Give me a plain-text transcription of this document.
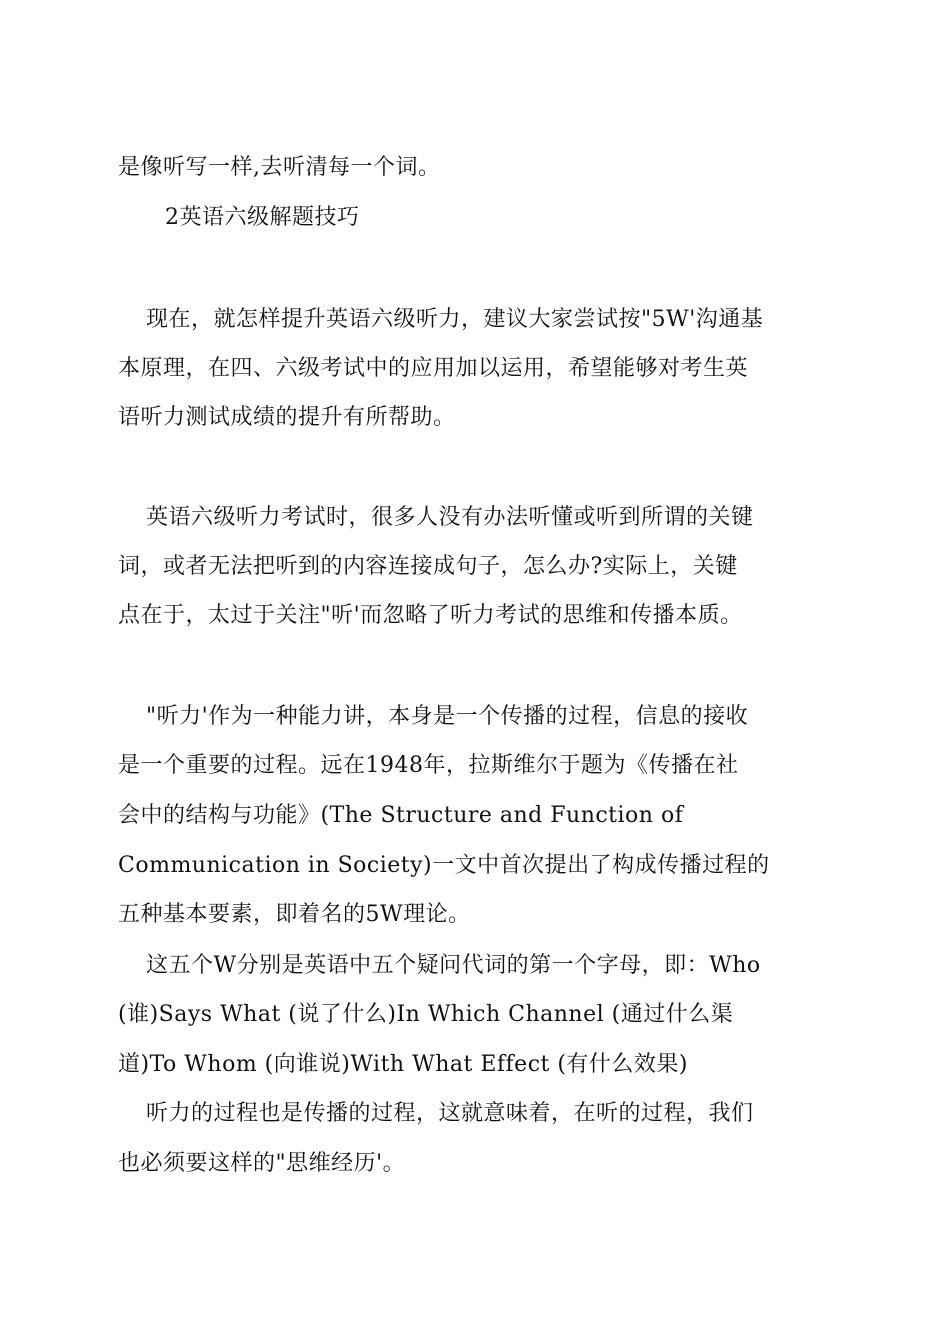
是像听写一样,去听清每一个词。
2英语六级解题技巧
现在，就怎样提升英语六级听力，建议大家尝试按"5W'沟通基
本原理，在四、六级考试中的应用加以运用，希望能够对考生英
语听力测试成绩的提升有所帮助。
英语六级听力考试时，很多人没有办法听懂或听到所谓的关键
词，或者无法把听到的内容连接成句子，怎么办?实际上，关键
点在于，太过于关注"听'而忽略了听力考试的思维和传播本质。
"听力'作为一种能力讲，本身是一个传播的过程，信息的接收
是一个重要的过程。远在1948年，拉斯维尔于题为《传播在社
会中的结构与功能》(The Structure and Function of
Communication in Society)一文中首次提出了构成传播过程的
五种基本要素，即着名的5W理论。
这五个W分别是英语中五个疑问代词的第一个字母，即：Who
(谁)Says What (说了什么)In Which Channel (通过什么渠
道)To Whom (向谁说)With What Effect (有什么效果)
听力的过程也是传播的过程，这就意味着，在听的过程，我们
也必须要这样的"思维经历'。
